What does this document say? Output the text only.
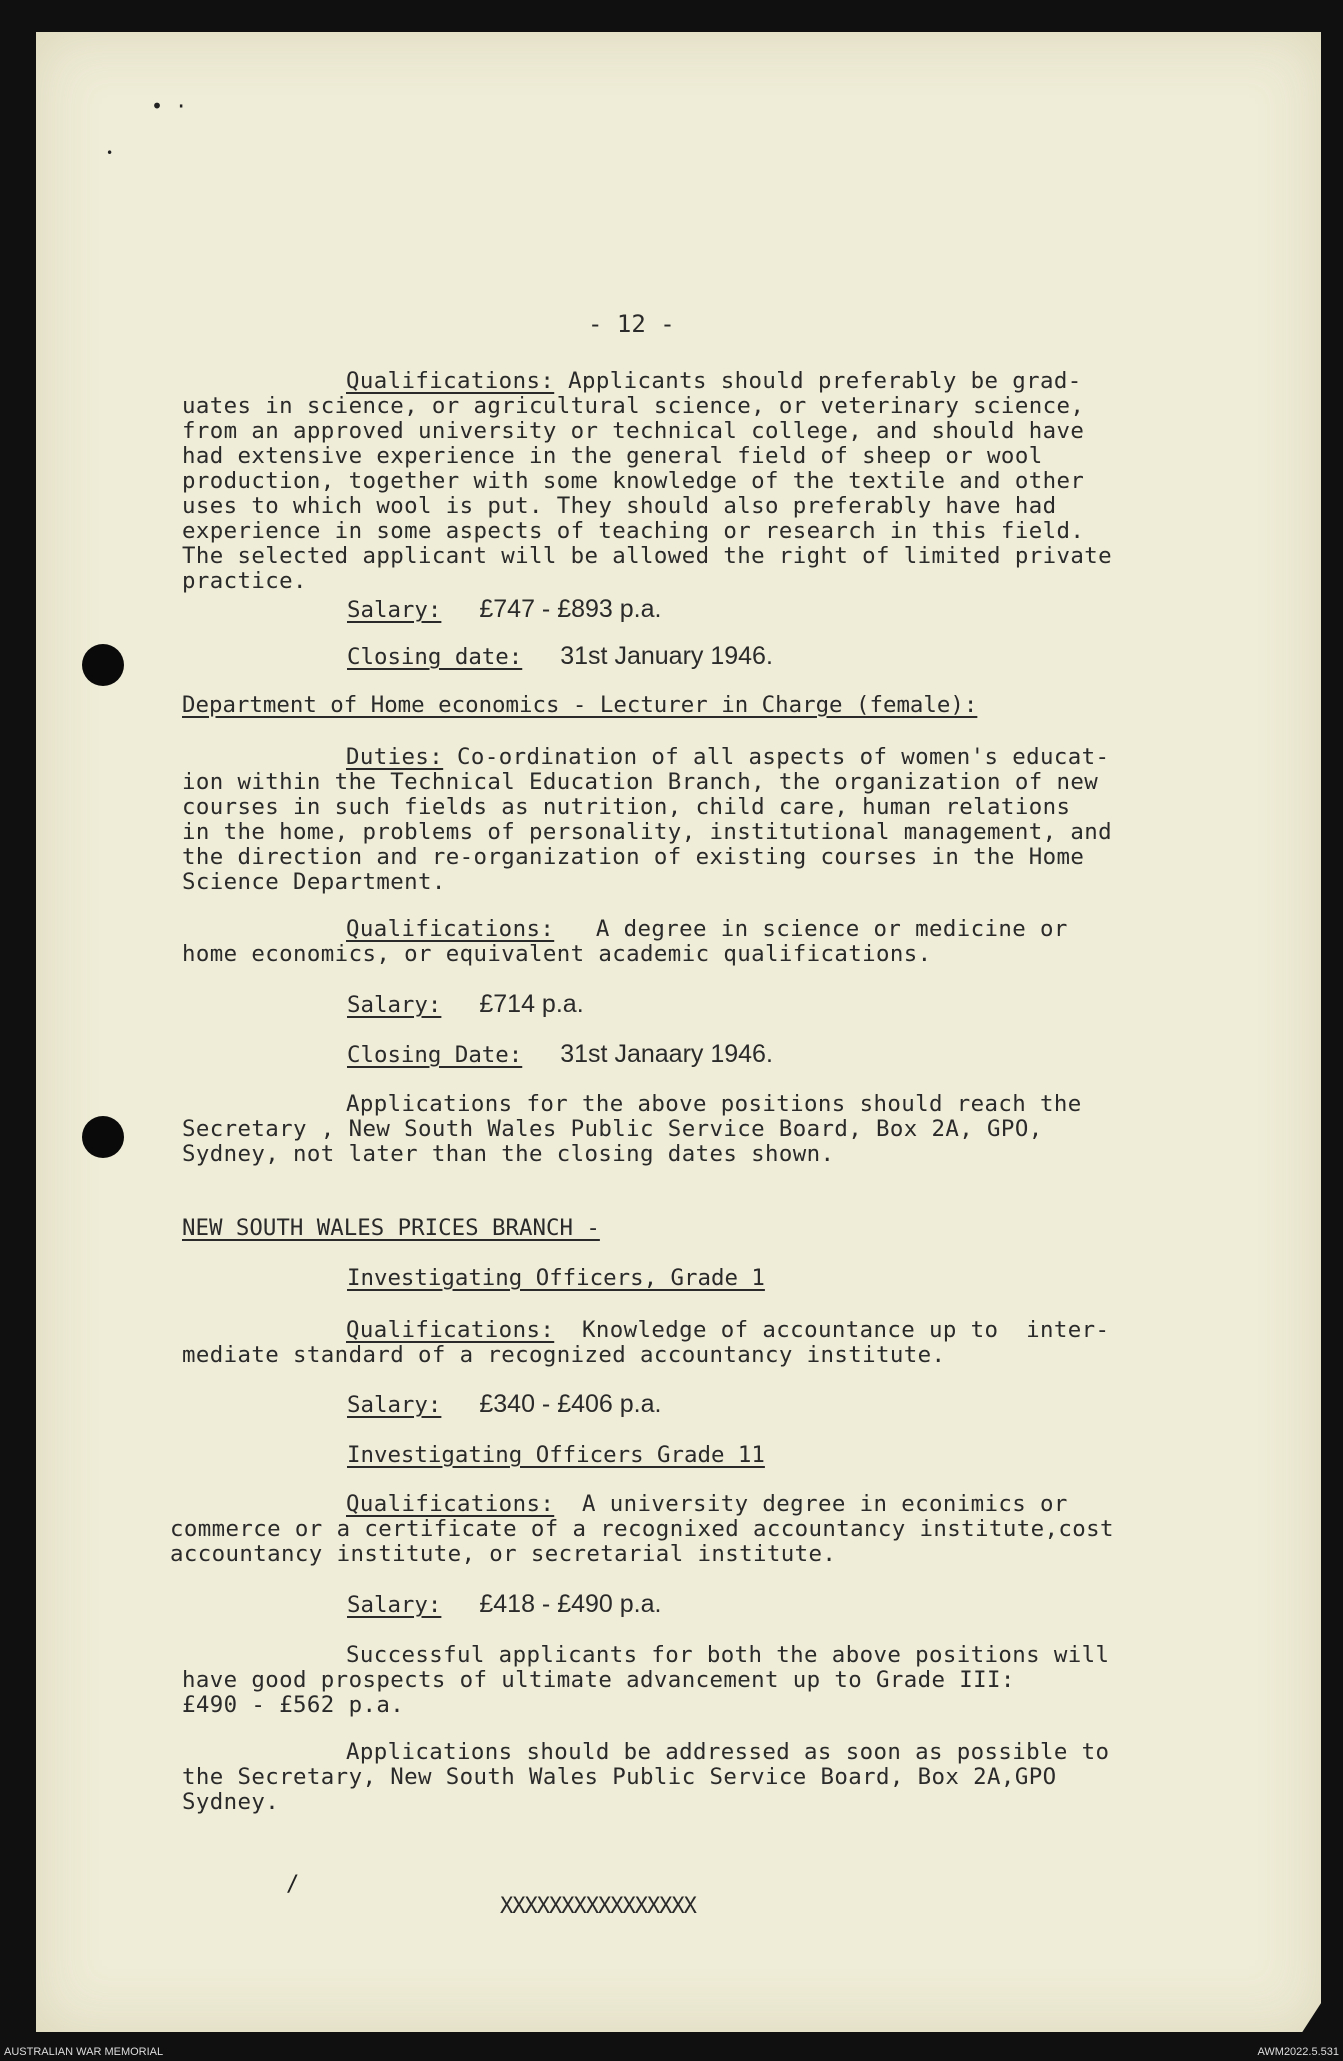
• ·
•
/
- 12 -
Qualifications: Applicants should preferably be grad-
uates in science, or agricultural science, or veterinary science,
from an approved university or technical college, and should have
had extensive experience in the general field of sheep or wool
production, together with some knowledge of the textile and other
uses to which wool is put. They should also preferably have had
experience in some aspects of teaching or research in this field.
The selected applicant will be allowed the right of limited private
practice.
Salary: £747 - £893 p.a.
Closing date: 31st January 1946.
Department of Home economics - Lecturer in Charge (female):
Duties: Co-ordination of all aspects of women's educat-
ion within the Technical Education Branch, the organization of new
courses in such fields as nutrition, child care, human relations
in the home, problems of personality, institutional management, and
the direction and re-organization of existing courses in the Home
Science Department.
Qualifications:   A degree in science or medicine or
home economics, or equivalent academic qualifications.
Salary: £714 p.a.
Closing Date: 31st Janaary 1946.
Applications for the above positions should reach the
Secretary , New South Wales Public Service Board, Box 2A, GPO,
Sydney, not later than the closing dates shown.
NEW SOUTH WALES PRICES BRANCH -
Investigating Officers, Grade 1
Qualifications:  Knowledge of accountance up to  inter-
mediate standard of a recognized accountancy institute.
Salary: £340 - £406 p.a.
Investigating Officers Grade 11
Qualifications:  A university degree in econimics or
commerce or a certificate of a recognixed accountancy institute,cost
accountancy institute, or secretarial institute.
Salary: £418 - £490 p.a.
Successful applicants for both the above positions will
have good prospects of ultimate advancement up to Grade III:
£490 - £562 p.a.
Applications should be addressed as soon as possible to
the Secretary, New South Wales Public Service Board, Box 2A,GPO
Sydney.
XXXXXXXXXXXXXXXX
AUSTRALIAN WAR MEMORIAL	AWM2022.5.531
